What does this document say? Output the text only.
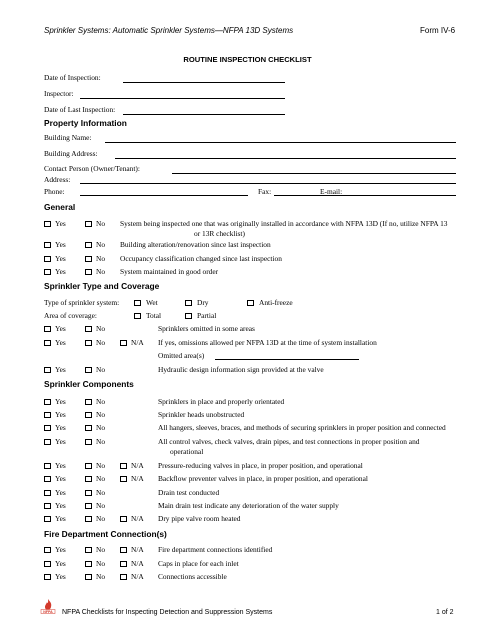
Sprinkler Systems: Automatic Sprinkler Systems—NFPA 13D Systems	Form IV-6
ROUTINE INSPECTION CHECKLIST
Date of Inspection:
Inspector:
Date of Last Inspection:
Property Information
Building Name:
Building Address:
Contact Person (Owner/Tenant):
Address:
Phone:	Fax:	E-mail:
General
Yes	No System being inspected one that was originally installed in accordance with NFPA 13D (If no, utilize NFPA 13
or 13R checklist)
Yes	No Building alteration/renovation since last inspection
Yes	No Occupancy classification changed since last inspection
Yes	No System maintained in good order
Sprinkler Type and Coverage
Type of sprinkler system:	Wet	Dry	Anti-freeze
Area of coverage:	Total	Partial
Yes	No	Sprinklers omitted in some areas
Yes	No	N/A If yes, omissions allowed per NFPA 13D at the time of system installation
Omitted area(s)
Yes	No	Hydraulic design information sign provided at the valve
Sprinkler Components
Yes	No	Sprinklers in place and properly orientated
Yes	No	Sprinkler heads unobstructed
Yes	No	All hangers, sleeves, braces, and methods of securing sprinklers in proper position and connected
Yes	No	All control valves, check valves, drain pipes, and test connections in proper position and
operational
Yes	No	N/A Pressure-reducing valves in place, in proper position, and operational
Yes	No	N/A Backflow preventer valves in place, in proper position, and operational
Yes	No	Drain test conducted
Yes	No	Main drain test indicate any deterioration of the water supply
Yes	No	N/A Dry pipe valve room heated
Fire Department Connection(s)
Yes	No	N/A Fire department connections identified
Yes	No	N/A Caps in place for each inlet
Yes	No	N/A Connections accessible
NFPA NFPA Checklists for Inspecting Detection and Suppression Systems	1 of 2
